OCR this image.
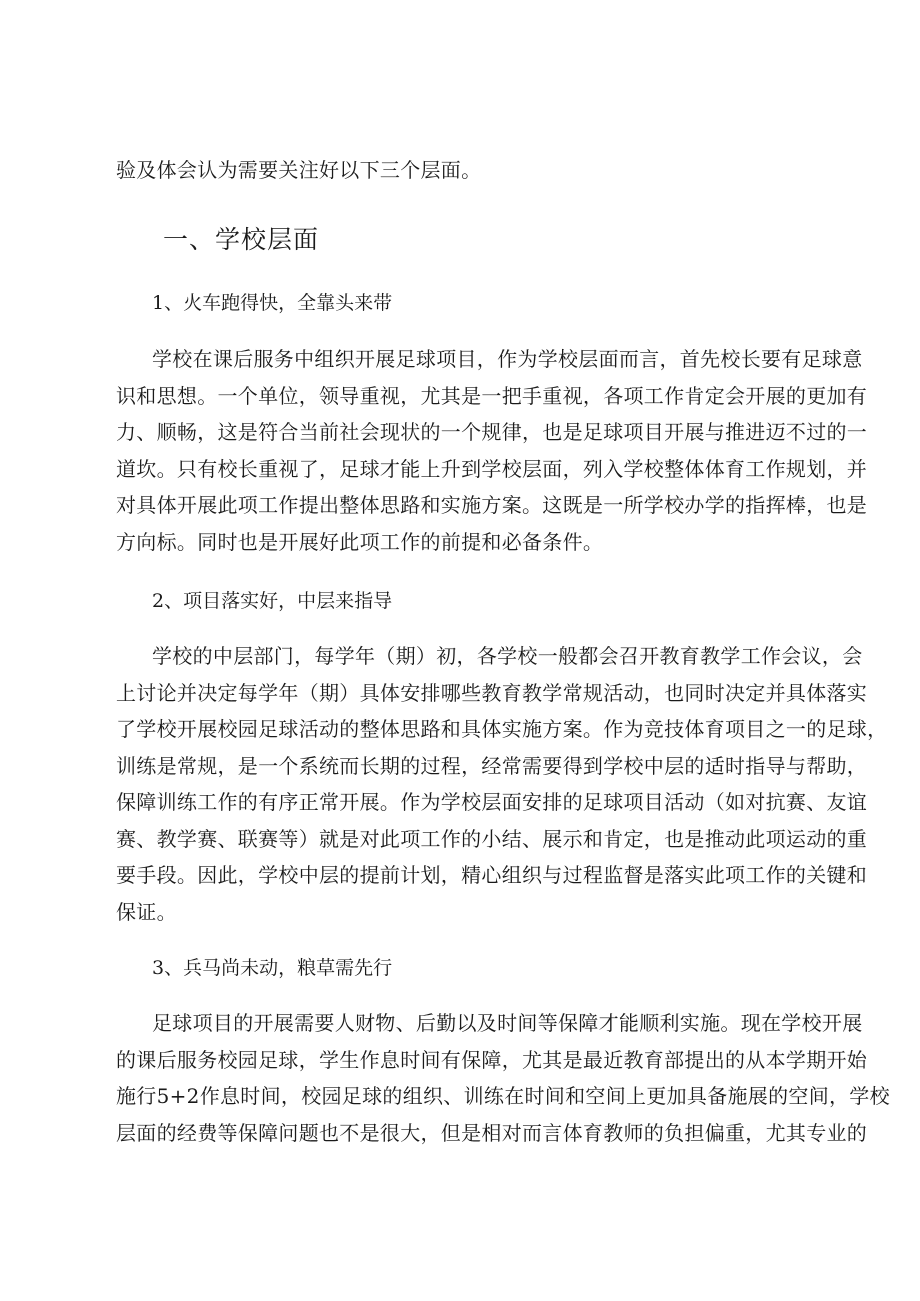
验及体会认为需要关注好以下三个层面。
一、学校层面
1、火车跑得快，全靠头来带
学校在课后服务中组织开展足球项目，作为学校层面而言，首先校长要有足球意
识和思想。一个单位，领导重视，尤其是一把手重视，各项工作肯定会开展的更加有
力、顺畅，这是符合当前社会现状的一个规律，也是足球项目开展与推进迈不过的一
道坎。只有校长重视了，足球才能上升到学校层面，列入学校整体体育工作规划，并
对具体开展此项工作提出整体思路和实施方案。这既是一所学校办学的指挥棒，也是
方向标。同时也是开展好此项工作的前提和必备条件。
2、项目落实好，中层来指导
学校的中层部门，每学年（期）初，各学校一般都会召开教育教学工作会议，会
上讨论并决定每学年（期）具体安排哪些教育教学常规活动，也同时决定并具体落实
了学校开展校园足球活动的整体思路和具体实施方案。作为竞技体育项目之一的足球，
训练是常规，是一个系统而长期的过程，经常需要得到学校中层的适时指导与帮助，
保障训练工作的有序正常开展。作为学校层面安排的足球项目活动（如对抗赛、友谊
赛、教学赛、联赛等）就是对此项工作的小结、展示和肯定，也是推动此项运动的重
要手段。因此，学校中层的提前计划，精心组织与过程监督是落实此项工作的关键和
保证。
3、兵马尚未动，粮草需先行
足球项目的开展需要人财物、后勤以及时间等保障才能顺利实施。现在学校开展
的课后服务校园足球，学生作息时间有保障，尤其是最近教育部提出的从本学期开始
施行5+2作息时间，校园足球的组织、训练在时间和空间上更加具备施展的空间，学校
层面的经费等保障问题也不是很大，但是相对而言体育教师的负担偏重，尤其专业的
